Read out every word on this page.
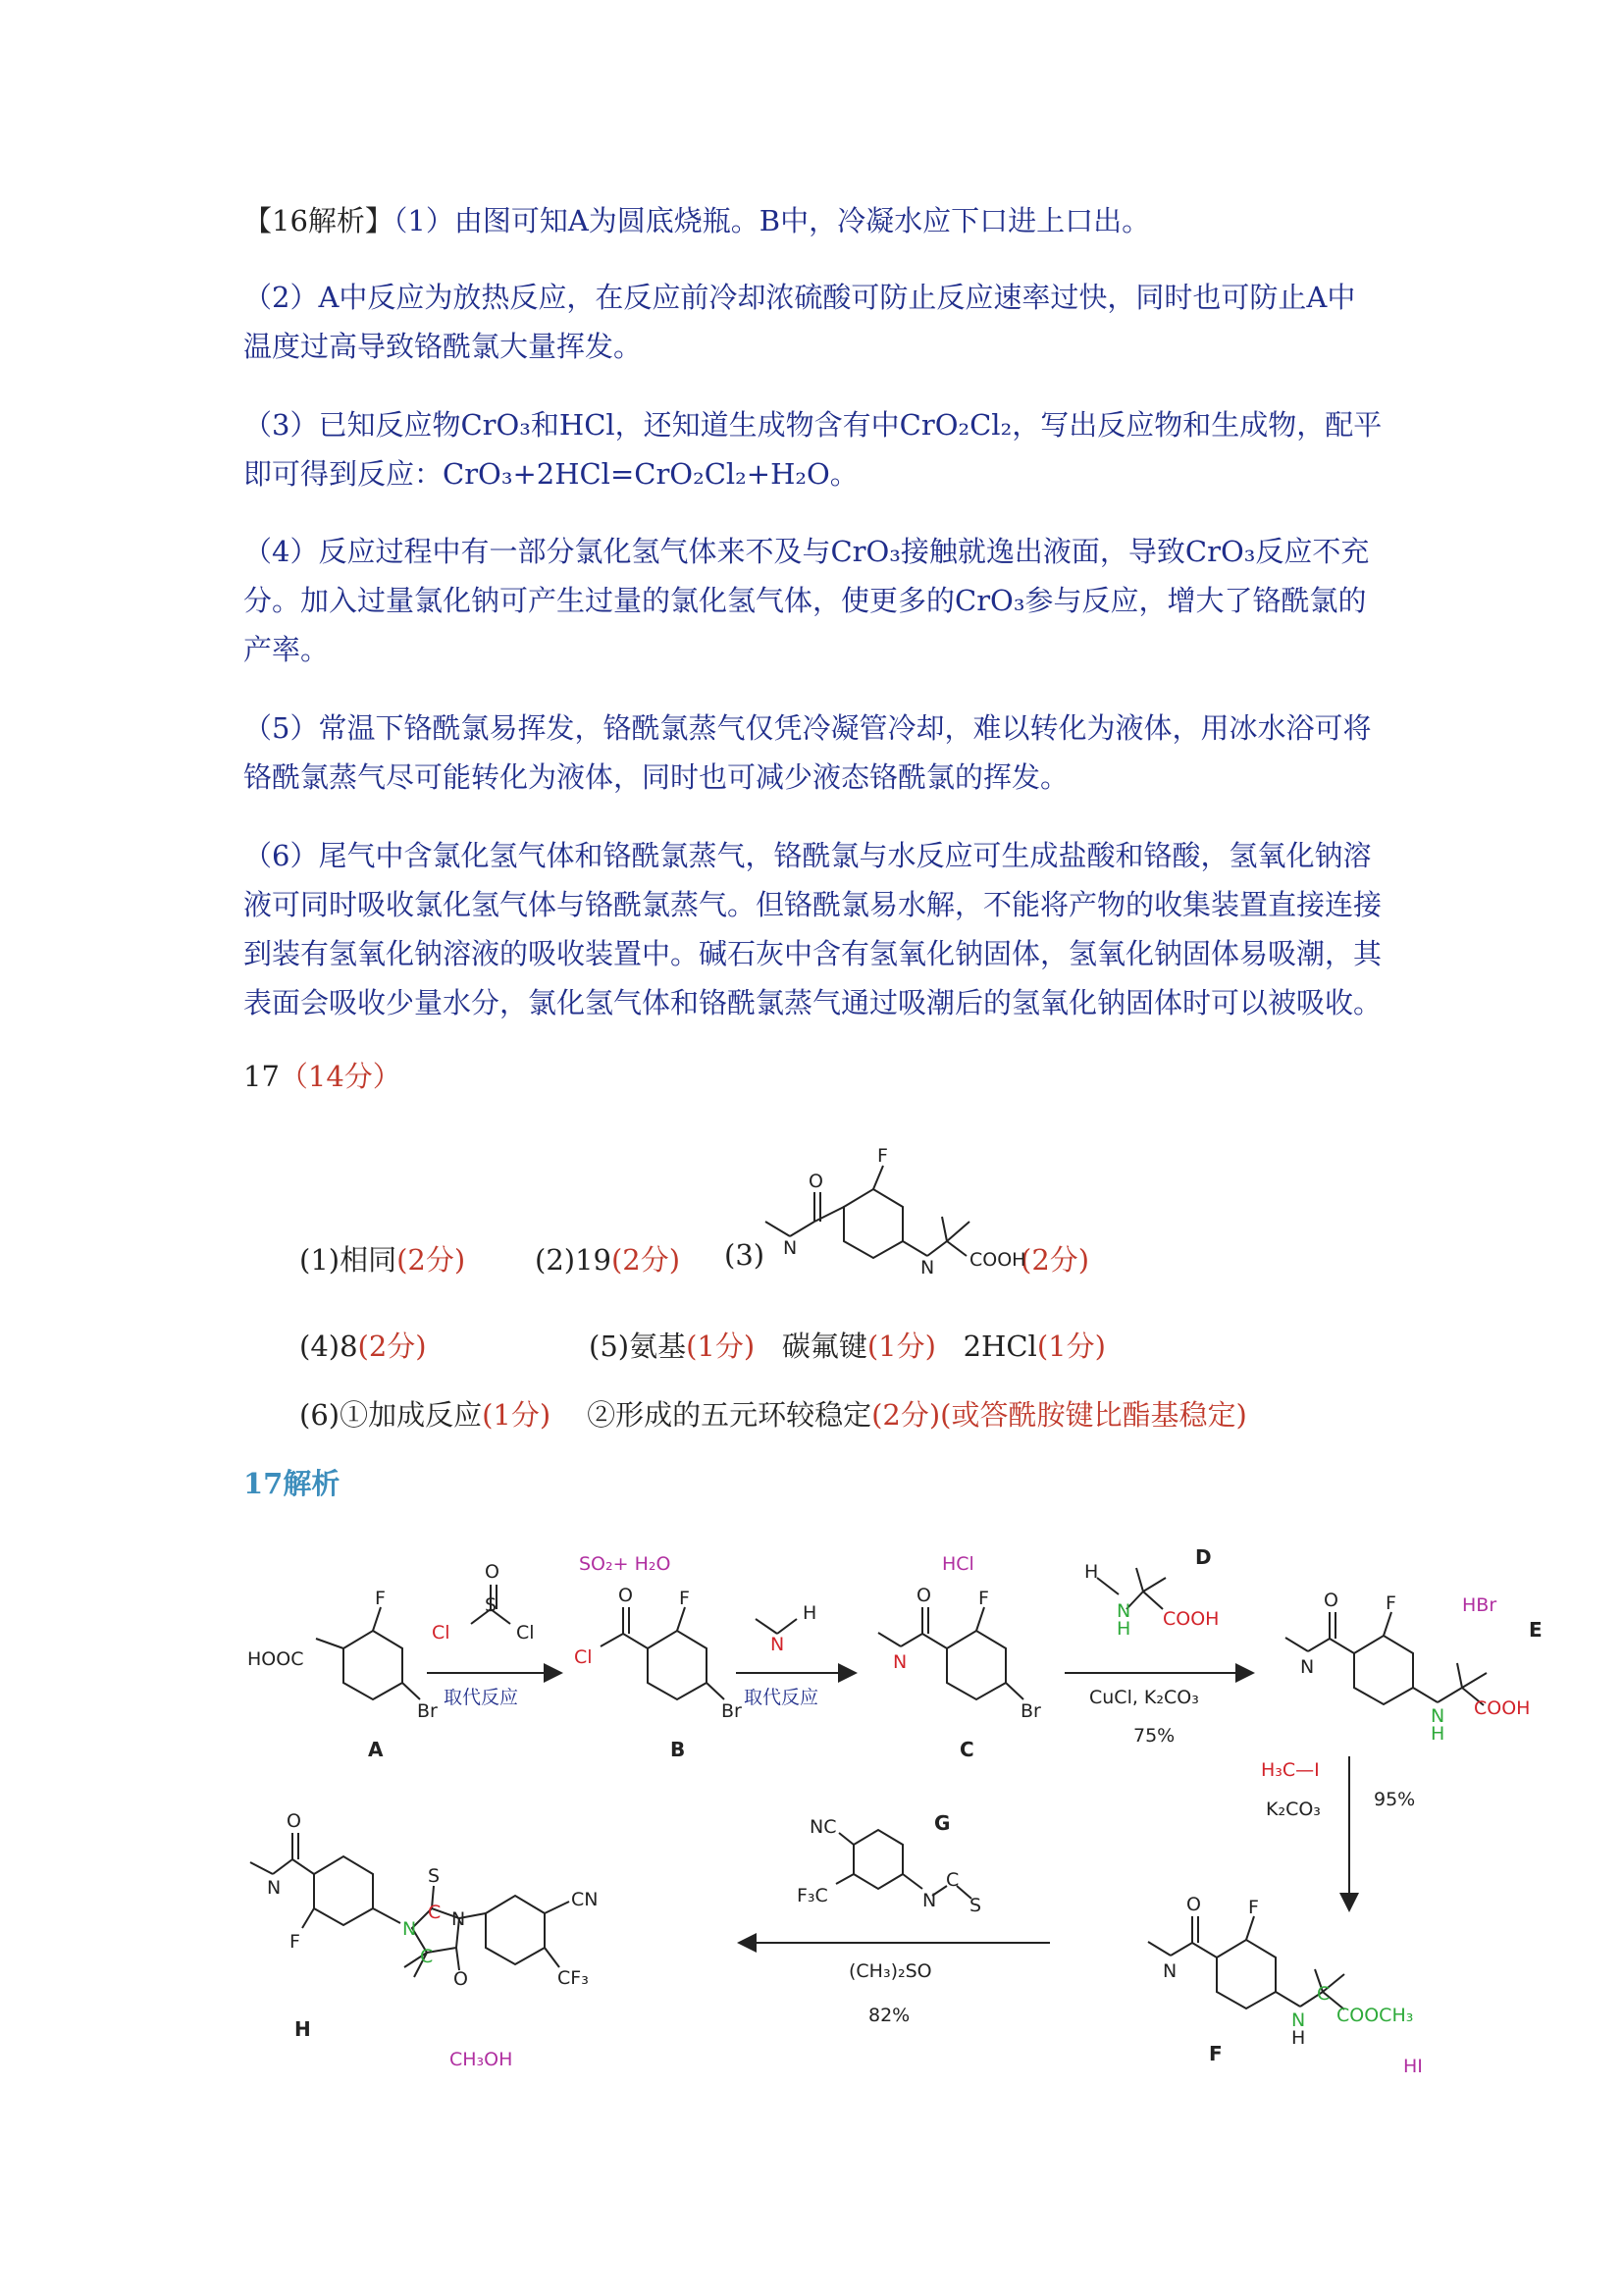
【16解析】（1）由图可知A为圆底烧瓶。B中，冷凝水应下口进上口出。
（2）A中反应为放热反应，在反应前冷却浓硫酸可防止反应速率过快，同时也可防止A中温度过高导致铬酰氯大量挥发。
（3）已知反应物CrO₃和HCl，还知道生成物含有中CrO₂Cl₂，写出反应物和生成物，配平即可得到反应：CrO₃+2HCl=CrO₂Cl₂+H₂O。
（4）反应过程中有一部分氯化氢气体来不及与CrO₃接触就逸出液面，导致CrO₃反应不充分。加入过量氯化钠可产生过量的氯化氢气体，使更多的CrO₃参与反应，增大了铬酰氯的产率。
（5）常温下铬酰氯易挥发，铬酰氯蒸气仅凭冷凝管冷却，难以转化为液体，用冰水浴可将铬酰氯蒸气尽可能转化为液体，同时也可减少液态铬酰氯的挥发。
（6）尾气中含氯化氢气体和铬酰氯蒸气，铬酰氯与水反应可生成盐酸和铬酸，氢氧化钠溶液可同时吸收氯化氢气体与铬酰氯蒸气。但铬酰氯易水解，不能将产物的收集装置直接连接到装有氢氧化钠溶液的吸收装置中。碱石灰中含有氢氧化钠固体，氢氧化钠固体易吸潮，其表面会吸收少量水分，氯化氢气体和铬酰氯蒸气通过吸潮后的氢氧化钠固体时可以被吸收。
17（14分）
(1)相同(2分) (2)19(2分) (3)	(2分)
(4)8(2分)	(5)氨基(1分) 碳氟键(1分) 2HCl(1分)
(6)①加成反应(1分) ②形成的五元环较稳定(2分)(或答酰胺键比酯基稳定)
17解析
O
F
N
N COOH
HOOC
F
Br
A
O
S
Cl	Cl
取代反应
Cl
O F
Br
B
SO₂+ H₂O
N
H
取代反应
O	F
N
Br
C
HCl	H
N
H COOH
D
CuCl, K₂CO₃
75%
O	F
N
N
H
COOH
HBr
E
H₃C—I
K₂CO₃	95%
O	F
N
N
H
C
COOCH₃
F
HI
NC
F₃C	N
C
S
G
(CH₃)₂SO
82%
O
N
F
N
C
S
N
C
O
CN
CF₃
H
CH₃OH
